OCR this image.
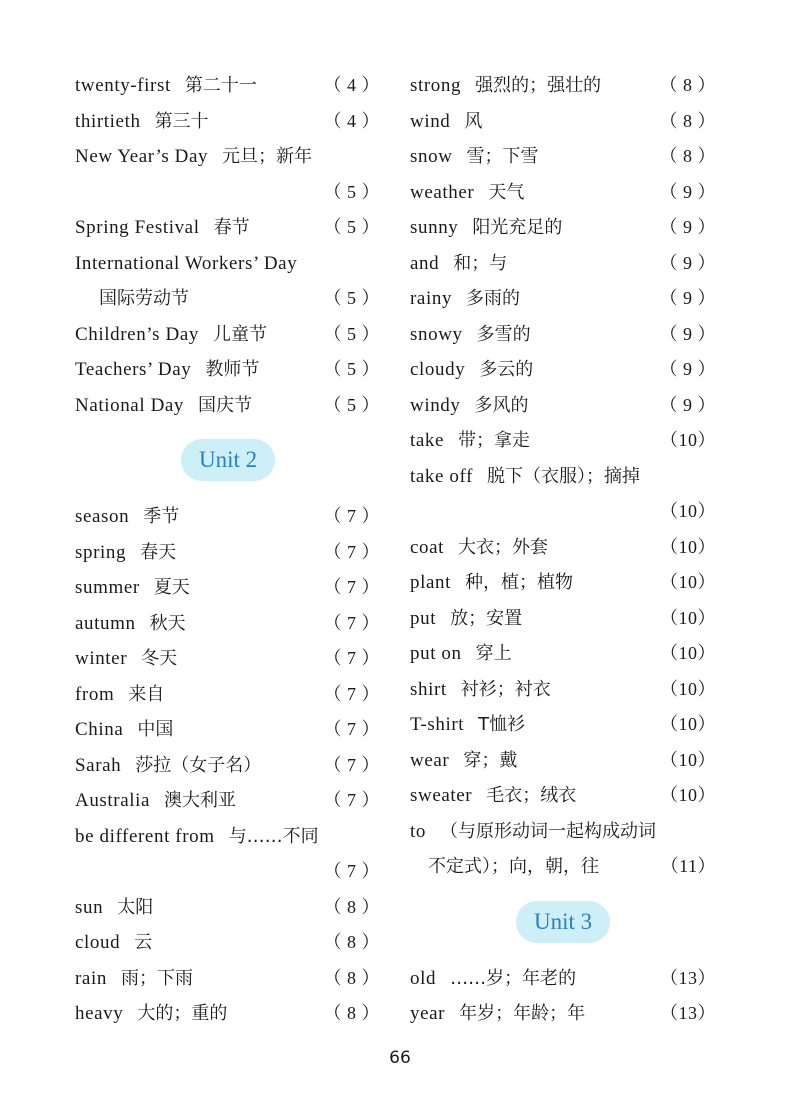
twenty-first 第二十一	（ 4 ）
thirtieth 第三十	（ 4 ）
New Year’s Day 元旦；新年
（ 5 ）
Spring Festival 春节	（ 5 ）
International Workers’ Day
国际劳动节	（ 5 ）
Children’s Day 儿童节	（ 5 ）
Teachers’ Day 教师节	（ 5 ）
National Day 国庆节	（ 5 ）
Unit 2
season 季节	（ 7 ）
spring 春天	（ 7 ）
summer 夏天	（ 7 ）
autumn 秋天	（ 7 ）
winter 冬天	（ 7 ）
from 来自	（ 7 ）
China 中国	（ 7 ）
Sarah 莎拉（女子名）	（ 7 ）
Australia 澳大利亚	（ 7 ）
be different from 与……不同
（ 7 ）
sun 太阳	（ 8 ）
cloud 云	（ 8 ）
rain 雨；下雨	（ 8 ）
heavy 大的；重的	（ 8 ）
strong 强烈的；强壮的	（ 8 ）
wind 风	（ 8 ）
snow 雪；下雪	（ 8 ）
weather 天气	（ 9 ）
sunny 阳光充足的	（ 9 ）
and 和；与	（ 9 ）
rainy 多雨的	（ 9 ）
snowy 多雪的	（ 9 ）
cloudy 多云的	（ 9 ）
windy 多风的	（ 9 ）
take 带；拿走	（10）
take off 脱下（衣服）；摘掉
（10）
coat 大衣；外套	（10）
plant 种，植；植物	（10）
put 放；安置	（10）
put on 穿上	（10）
shirt 衬衫；衬衣	（10）
T-shirt T恤衫	（10）
wear 穿；戴	（10）
sweater 毛衣；绒衣	（10）
to （与原形动词一起构成动词
不定式）；向，朝，往	（11）
Unit 3
old ……岁；年老的	（13）
year 年岁；年龄；年	（13）
66
